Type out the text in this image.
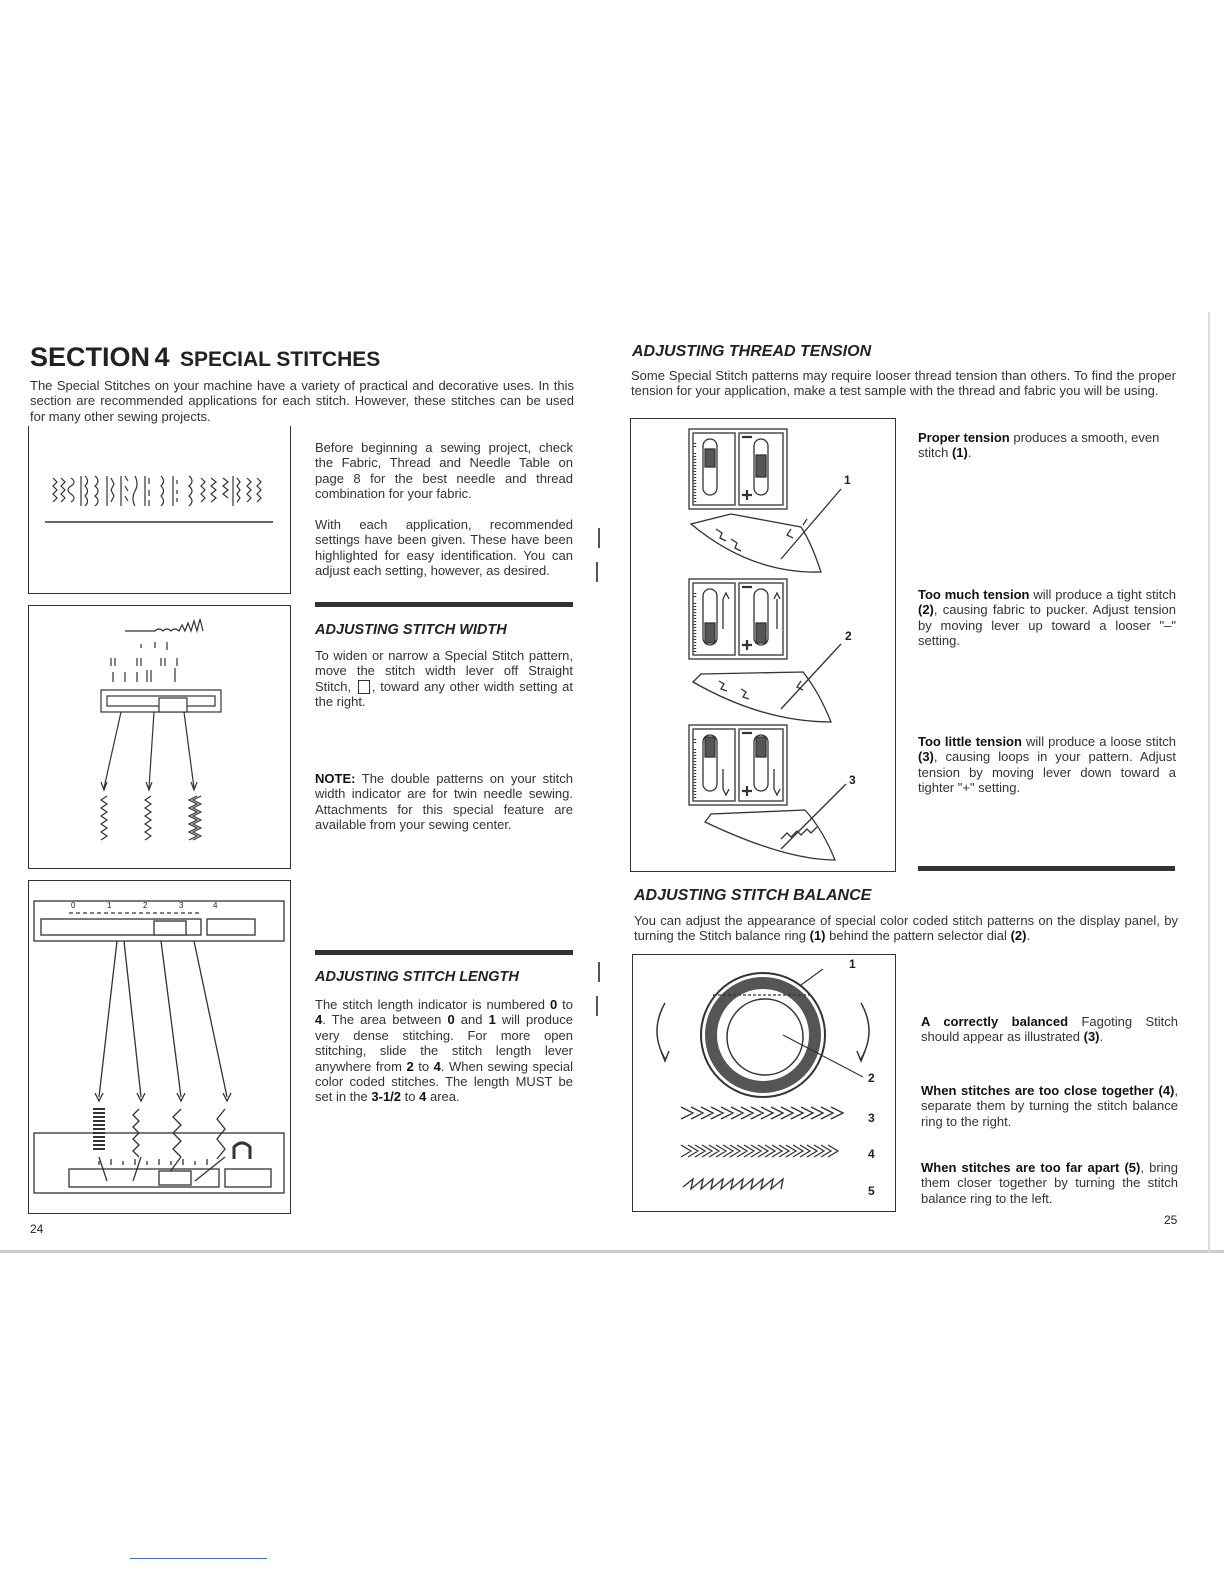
SECTION 4 SPECIAL STITCHES
The Special Stitches on your machine have a variety of practical and decorative uses. In this section are recommended applications for each stitch. However, these stitches can be used for many other sewing projects.
0	1	2	3	4
Before beginning a sewing project, check the Fabric, Thread and Needle Table on page 8 for the best needle and thread combination for your fabric.
With each application, recommended settings have been given. These have been highlighted for easy identification. You can adjust each setting, however, as desired.
ADJUSTING STITCH WIDTH
To widen or narrow a Special Stitch pattern, move the stitch width lever off Straight Stitch, , toward any other width setting at the right.
NOTE: The double patterns on your stitch width indicator are for twin needle sewing. Attachments for this special feature are available from your sewing center.
ADJUSTING STITCH LENGTH
The stitch length indicator is numbered 0 to 4. The area between 0 and 1 will produce very dense stitching. For more open stitching, slide the stitch length lever anywhere from 2 to 4. When sewing special color coded stitches. The length MUST be set in the 3-1/2 to 4 area.
24
ADJUSTING THREAD TENSION
Some Special Stitch patterns may require looser thread tension than others. To find the proper tension for your application, make a test sample with the thread and fabric you will be using.
1
2
3
Proper tension produces a smooth, even stitch (1).
Too much tension will produce a tight stitch (2), causing fabric to pucker. Adjust tension by moving lever up toward a looser "–" setting.
Too little tension will produce a loose stitch (3), causing loops in your pattern. Adjust tension by moving lever down toward a tighter "+" setting.
ADJUSTING STITCH BALANCE
You can adjust the appearance of special color coded stitch patterns on the display panel, by turning the Stitch balance ring (1) behind the pattern selector dial (2).
1
2
3
4
5
A correctly balanced Fagoting Stitch should appear as illustrated (3).
When stitches are too close together (4), separate them by turning the stitch balance ring to the right.
When stitches are too far apart (5), bring them closer together by turning the stitch balance ring to the left.
25
